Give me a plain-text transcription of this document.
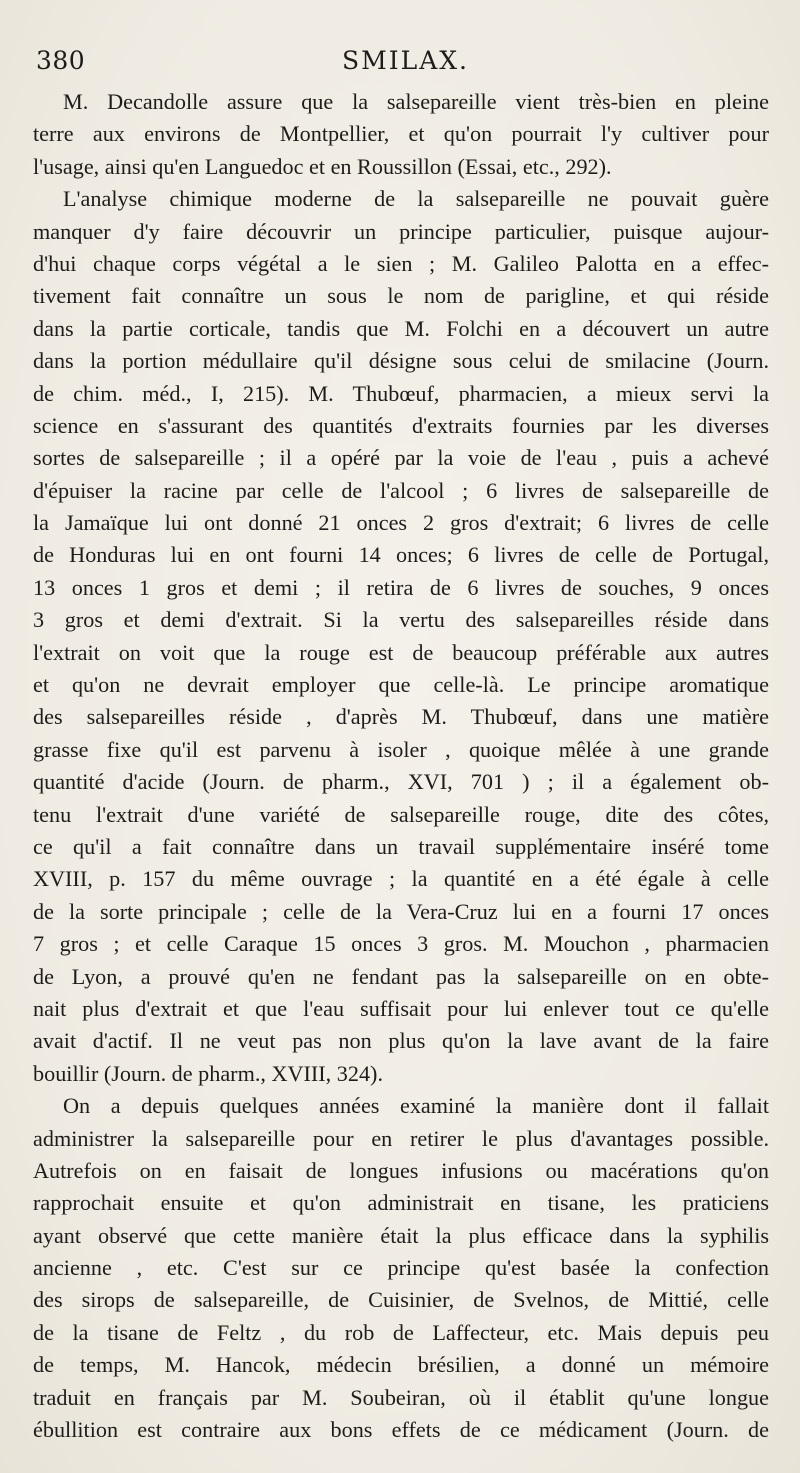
380	SMILAX.
M. Decandolle assure que la salsepareille vient très-bien en pleine
terre aux environs de Montpellier, et qu'on pourrait l'y cultiver pour
l'usage, ainsi qu'en Languedoc et en Roussillon (Essai, etc., 292).
L'analyse chimique moderne de la salsepareille ne pouvait guère
manquer d'y faire découvrir un principe particulier, puisque aujour-
d'hui chaque corps végétal a le sien ; M. Galileo Palotta en a effec-
tivement fait connaître un sous le nom de parigline, et qui réside
dans la partie corticale, tandis que M. Folchi en a découvert un autre
dans la portion médullaire qu'il désigne sous celui de smilacine (Journ.
de chim. méd., I, 215). M. Thubœuf, pharmacien, a mieux servi la
science en s'assurant des quantités d'extraits fournies par les diverses
sortes de salsepareille ; il a opéré par la voie de l'eau , puis a achevé
d'épuiser la racine par celle de l'alcool ; 6 livres de salsepareille de
la Jamaïque lui ont donné 21 onces 2 gros d'extrait; 6 livres de celle
de Honduras lui en ont fourni 14 onces; 6 livres de celle de Portugal,
13 onces 1 gros et demi ; il retira de 6 livres de souches, 9 onces
3 gros et demi d'extrait. Si la vertu des salsepareilles réside dans
l'extrait on voit que la rouge est de beaucoup préférable aux autres
et qu'on ne devrait employer que celle-là. Le principe aromatique
des salsepareilles réside , d'après M. Thubœuf, dans une matière
grasse fixe qu'il est parvenu à isoler , quoique mêlée à une grande
quantité d'acide (Journ. de pharm., XVI, 701 ) ; il a également ob-
tenu l'extrait d'une variété de salsepareille rouge, dite des côtes,
ce qu'il a fait connaître dans un travail supplémentaire inséré tome
XVIII, p. 157 du même ouvrage ; la quantité en a été égale à celle
de la sorte principale ; celle de la Vera-Cruz lui en a fourni 17 onces
7 gros ; et celle Caraque 15 onces 3 gros. M. Mouchon , pharmacien
de Lyon, a prouvé qu'en ne fendant pas la salsepareille on en obte-
nait plus d'extrait et que l'eau suffisait pour lui enlever tout ce qu'elle
avait d'actif. Il ne veut pas non plus qu'on la lave avant de la faire
bouillir (Journ. de pharm., XVIII, 324).
On a depuis quelques années examiné la manière dont il fallait
administrer la salsepareille pour en retirer le plus d'avantages possible.
Autrefois on en faisait de longues infusions ou macérations qu'on
rapprochait ensuite et qu'on administrait en tisane, les praticiens
ayant observé que cette manière était la plus efficace dans la syphilis
ancienne , etc. C'est sur ce principe qu'est basée la confection
des sirops de salsepareille, de Cuisinier, de Svelnos, de Mittié, celle
de la tisane de Feltz , du rob de Laffecteur, etc. Mais depuis peu
de temps, M. Hancok, médecin brésilien, a donné un mémoire
traduit en français par M. Soubeiran, où il établit qu'une longue
ébullition est contraire aux bons effets de ce médicament (Journ. de
